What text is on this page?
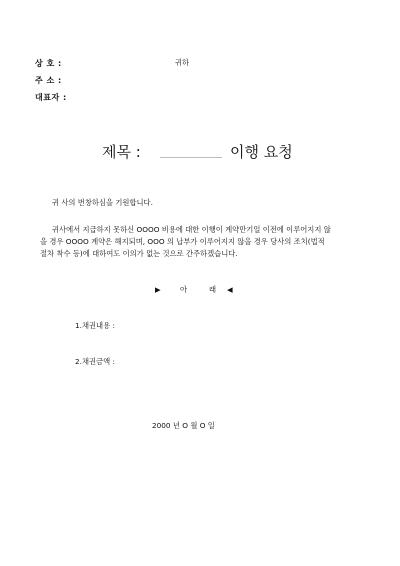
상 호 :	귀하
주 소 :
대표자 :
제목 :	이행 요청
귀 사의 번창하심을 기원합니다.
귀사에서 지급하지 못하신 OOOO 비용에 대한 이행이 계약만기일 이전에 이루어지지 않
을 경우 OOOO 계약은 해지되며, OOO 의 납부가 이루어지지 않을 경우 당사의 조치(법적
절차 착수 등)에 대하여도 이의가 없는 것으로 간주하겠습니다.
▶	아	래 ◀
1.채권내용 :
2.채권금액 :
2000 년 O 월 O 일
